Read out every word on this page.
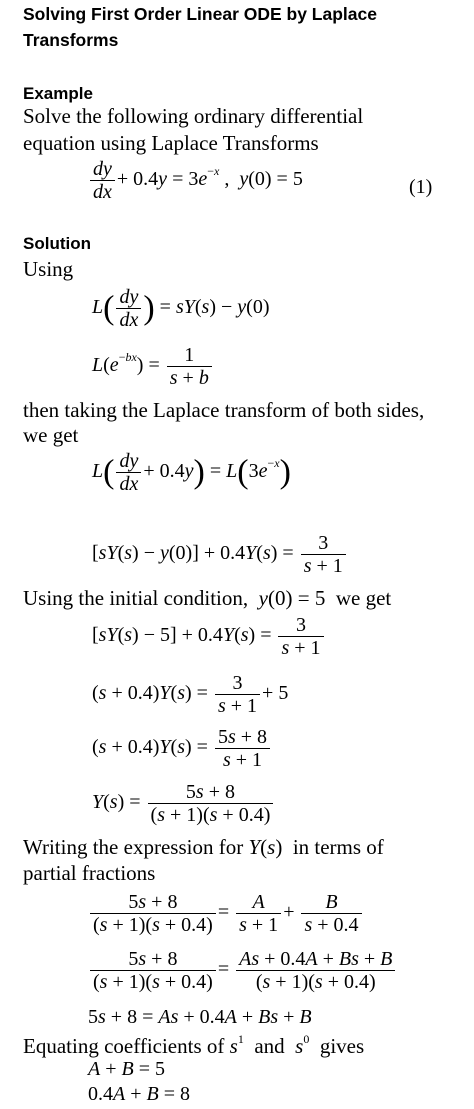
Solving First Order Linear ODE by Laplace
Transforms
Example
Solve the following ordinary differential
equation using Laplace Transforms
$\frac{dy}{dx} + 0.4y = 3e^{-x}$ ,  y(0) = 5	(1)
Solution
Using
$L( \frac{dy}{dx}$ ) = sY(s) − y(0)
$L(e^{-bx}) = \frac{1}{s + b}$
then taking the Laplace transform of both sides,
we get
$L( \frac{dy}{dx} + 0.4y) = L(3e^{-x})$
$[sY(s) - y(0)] + 0.4Y(s) = \frac{3}{s + 1}$
Using the initial condition, y(0) = 5  we get
$[sY(s) - 5] + 0.4Y(s) = \frac{3}{s + 1}$
$(s + 0.4)Y(s) = \frac{3}{s + 1} + 5$
$(s + 0.4)Y(s) = \frac{5s + 8}{s + 1}$
$Y(s) = \frac{5s + 8}{(s + 1)(s + 0.4)}$
Writing the expression for Y(s)  in terms of
partial fractions
$\frac{5s + 8}{(s + 1)(s + 0.4)} = \frac{A}{s + 1} + \frac{B}{s + 0.4}$
$\frac{5s + 8}{(s + 1)(s + 0.4)} = \frac{As + 0.4A + Bs + B}{(s + 1)(s + 0.4)}$
5s + 8 = As + 0.4A + Bs + B
Equating coefficients of $s^1$ and $s^0$ gives
A + B = 5
0.4A + B = 8
